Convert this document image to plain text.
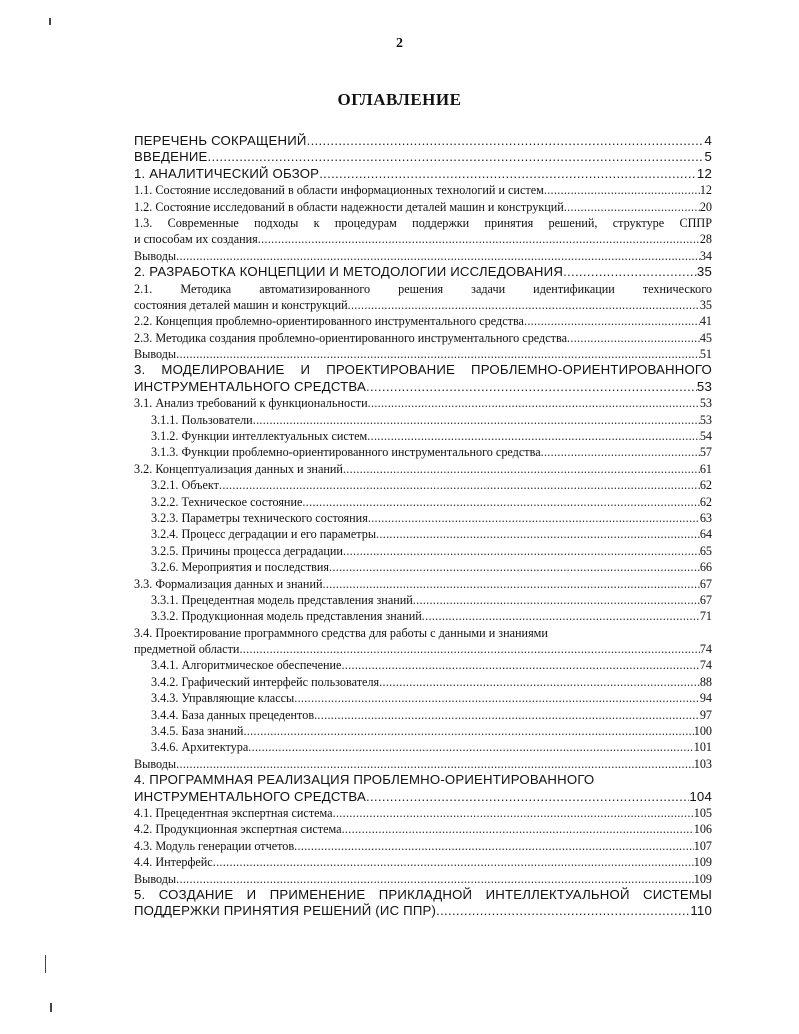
2
ОГЛАВЛЕНИЕ
ПЕРЕЧЕНЬ СОКРАЩЕНИЙ .....	4
ВВЕДЕНИЕ .....	5
1. АНАЛИТИЧЕСКИЙ ОБЗОР .....	12
1.1. Состояние исследований в области информационных технологий и систем .....	12
1.2. Состояние исследований в области надежности деталей машин и конструкций .....	20
1.3. Современные подходы к процедурам поддержки принятия решений, структуре СППР
и способам их создания .....	28
Выводы .....	34
2. РАЗРАБОТКА КОНЦЕПЦИИ И МЕТОДОЛОГИИ ИССЛЕДОВАНИЯ .....	35
2.1. Методика автоматизированного решения задачи идентификации технического
состояния деталей машин и конструкций .....	35
2.2. Концепция проблемно-ориентированного инструментального средства .....	41
2.3. Методика создания проблемно-ориентированного инструментального средства .....	45
Выводы .....	51
3. МОДЕЛИРОВАНИЕ И ПРОЕКТИРОВАНИЕ ПРОБЛЕМНО-ОРИЕНТИРОВАННОГО
ИНСТРУМЕНТАЛЬНОГО СРЕДСТВА .....	53
3.1. Анализ требований к функциональности .....	53
3.1.1. Пользователи .....	53
3.1.2. Функции интеллектуальных систем .....	54
3.1.3. Функции проблемно-ориентированного инструментального средства .....	57
3.2. Концептуализация данных и знаний .....	61
3.2.1. Объект .....	62
3.2.2. Техническое состояние .....	62
3.2.3. Параметры технического состояния .....	63
3.2.4. Процесс деградации и его параметры .....	64
3.2.5. Причины процесса деградации .....	65
3.2.6. Мероприятия и последствия .....	66
3.3. Формализация данных и знаний .....	67
3.3.1. Прецедентная модель представления знаний .....	67
3.3.2. Продукционная модель представления знаний .....	71
3.4. Проектирование программного средства для работы с данными и знаниями
предметной области .....	74
3.4.1. Алгоритмическое обеспечение .....	74
3.4.2. Графический интерфейс пользователя .....	88
3.4.3. Управляющие классы .....	94
3.4.4. База данных прецедентов .....	97
3.4.5. База знаний .....	100
3.4.6. Архитектура .....	101
Выводы .....	103
4. ПРОГРАММНАЯ РЕАЛИЗАЦИЯ ПРОБЛЕМНО-ОРИЕНТИРОВАННОГО
ИНСТРУМЕНТАЛЬНОГО СРЕДСТВА .....	104
4.1. Прецедентная экспертная система .....	105
4.2. Продукционная экспертная система .....	106
4.3. Модуль генерации отчетов .....	107
4.4. Интерфейс .....	109
Выводы .....	109
5. СОЗДАНИЕ И ПРИМЕНЕНИЕ ПРИКЛАДНОЙ ИНТЕЛЛЕКТУАЛЬНОЙ СИСТЕМЫ
ПОДДЕРЖКИ ПРИНЯТИЯ РЕШЕНИЙ (ИС ППР) .....	110
